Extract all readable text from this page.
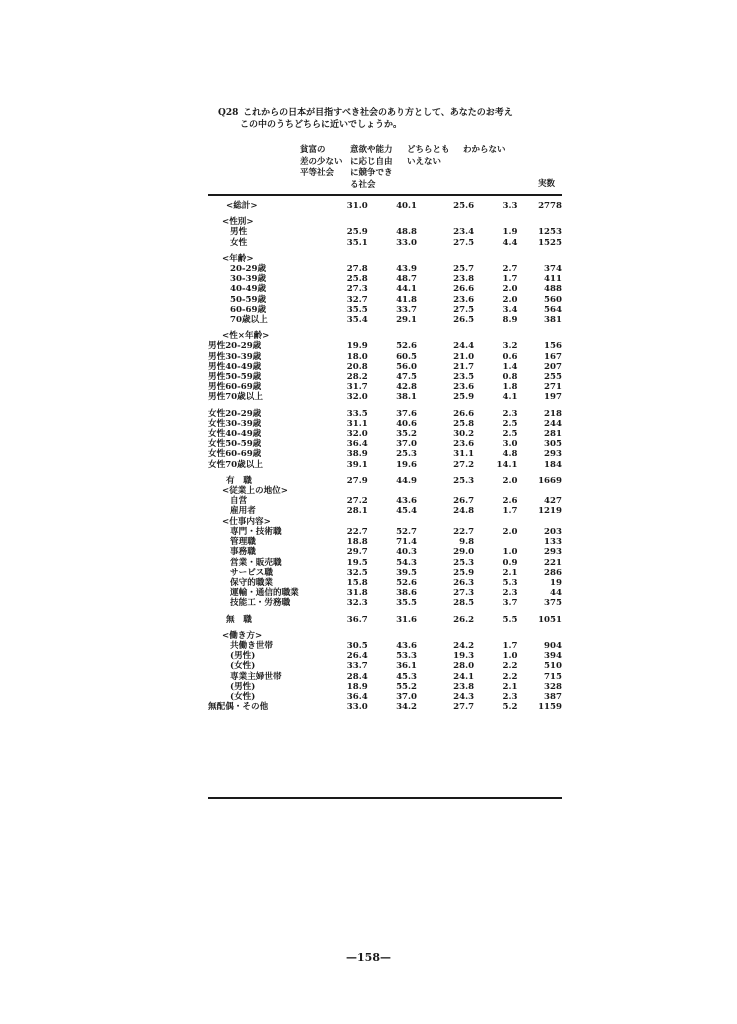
Q28 これからの日本が目指すべき社会のあり方として、あなたのお考え
この中のうちどちらに近いでしょうか。
貧富の
差の少ない
平等社会
意欲や能力
に応じ自由
に競争でき
る社会
どちらとも
いえない
わからない
実数
<総計>	31.0	40.1	25.6	3.3	2778

<性別>					
男性	25.9	48.8	23.4	1.9	1253
女性	35.1	33.0	27.5	4.4	1525

<年齢>					
20-29歳	27.8	43.9	25.7	2.7	374
30-39歳	25.8	48.7	23.8	1.7	411
40-49歳	27.3	44.1	26.6	2.0	488
50-59歳	32.7	41.8	23.6	2.0	560
60-69歳	35.5	33.7	27.5	3.4	564
70歳以上	35.4	29.1	26.5	8.9	381

<性×年齢>					
男性20-29歳	19.9	52.6	24.4	3.2	156
男性30-39歳	18.0	60.5	21.0	0.6	167
男性40-49歳	20.8	56.0	21.7	1.4	207
男性50-59歳	28.2	47.5	23.5	0.8	255
男性60-69歳	31.7	42.8	23.6	1.8	271
男性70歳以上	32.0	38.1	25.9	4.1	197

女性20-29歳	33.5	37.6	26.6	2.3	218
女性30-39歳	31.1	40.6	25.8	2.5	244
女性40-49歳	32.0	35.2	30.2	2.5	281
女性50-59歳	36.4	37.0	23.6	3.0	305
女性60-69歳	38.9	25.3	31.1	4.8	293
女性70歳以上	39.1	19.6	27.2	14.1	184

有　職	27.9	44.9	25.3	2.0	1669
<従業上の地位>					
自営	27.2	43.6	26.7	2.6	427
雇用者	28.1	45.4	24.8	1.7	1219
<仕事内容>					
専門・技術職	22.7	52.7	22.7	2.0	203
管理職	18.8	71.4	9.8		133
事務職	29.7	40.3	29.0	1.0	293
営業・販売職	19.5	54.3	25.3	0.9	221
サービス職	32.5	39.5	25.9	2.1	286
保守的職業	15.8	52.6	26.3	5.3	19
運輸・通信的職業	31.8	38.6	27.3	2.3	44
技能工・労務職	32.3	35.5	28.5	3.7	375

無　職	36.7	31.6	26.2	5.5	1051

<働き方>					
共働き世帯	30.5	43.6	24.2	1.7	904
(男性)	26.4	53.3	19.3	1.0	394
(女性)	33.7	36.1	28.0	2.2	510
専業主婦世帯	28.4	45.3	24.1	2.2	715
(男性)	18.9	55.2	23.8	2.1	328
(女性)	36.4	37.0	24.3	2.3	387
無配偶・その他	33.0	34.2	27.7	5.2	1159
—158—
